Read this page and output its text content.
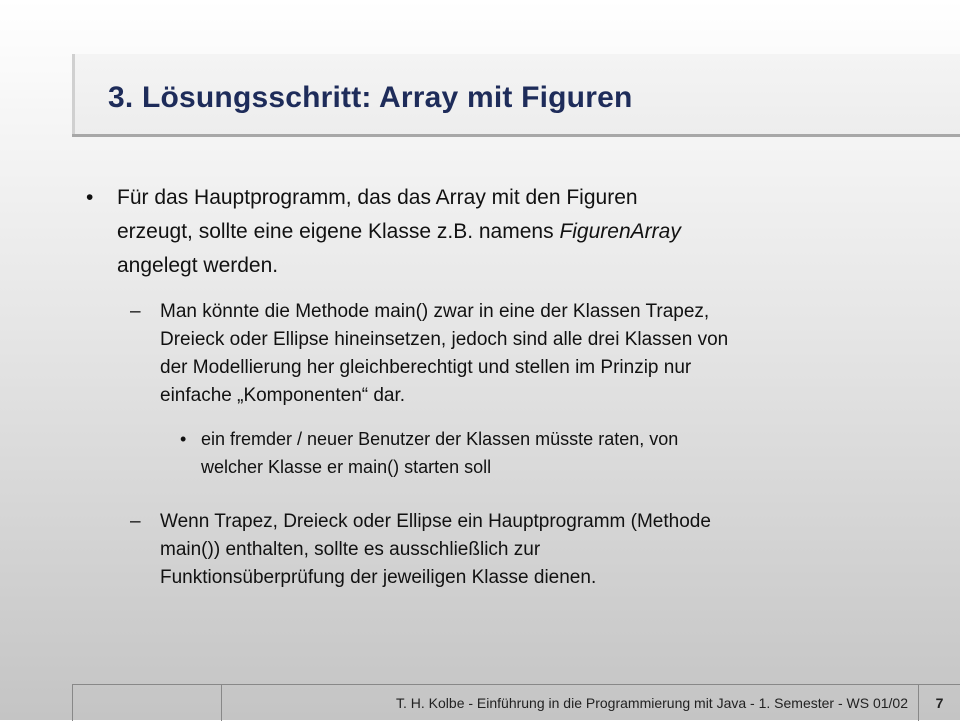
3. Lösungsschritt: Array mit Figuren
• Für das Hauptprogramm, das das Array mit den Figuren
erzeugt, sollte eine eigene Klasse z.B. namens FigurenArray
angelegt werden.
– Man könnte die Methode main() zwar in eine der Klassen Trapez,
Dreieck oder Ellipse hineinsetzen, jedoch sind alle drei Klassen von
der Modellierung her gleichberechtigt und stellen im Prinzip nur
einfache „Komponenten“ dar.
• ein fremder / neuer Benutzer der Klassen müsste raten, von
welcher Klasse er main() starten soll
– Wenn Trapez, Dreieck oder Ellipse ein Hauptprogramm (Methode
main()) enthalten, sollte es ausschließlich zur
Funktionsüberprüfung der jeweiligen Klasse dienen.
T. H. Kolbe - Einführung in die Programmierung mit Java - 1. Semester - WS 01/02	7
